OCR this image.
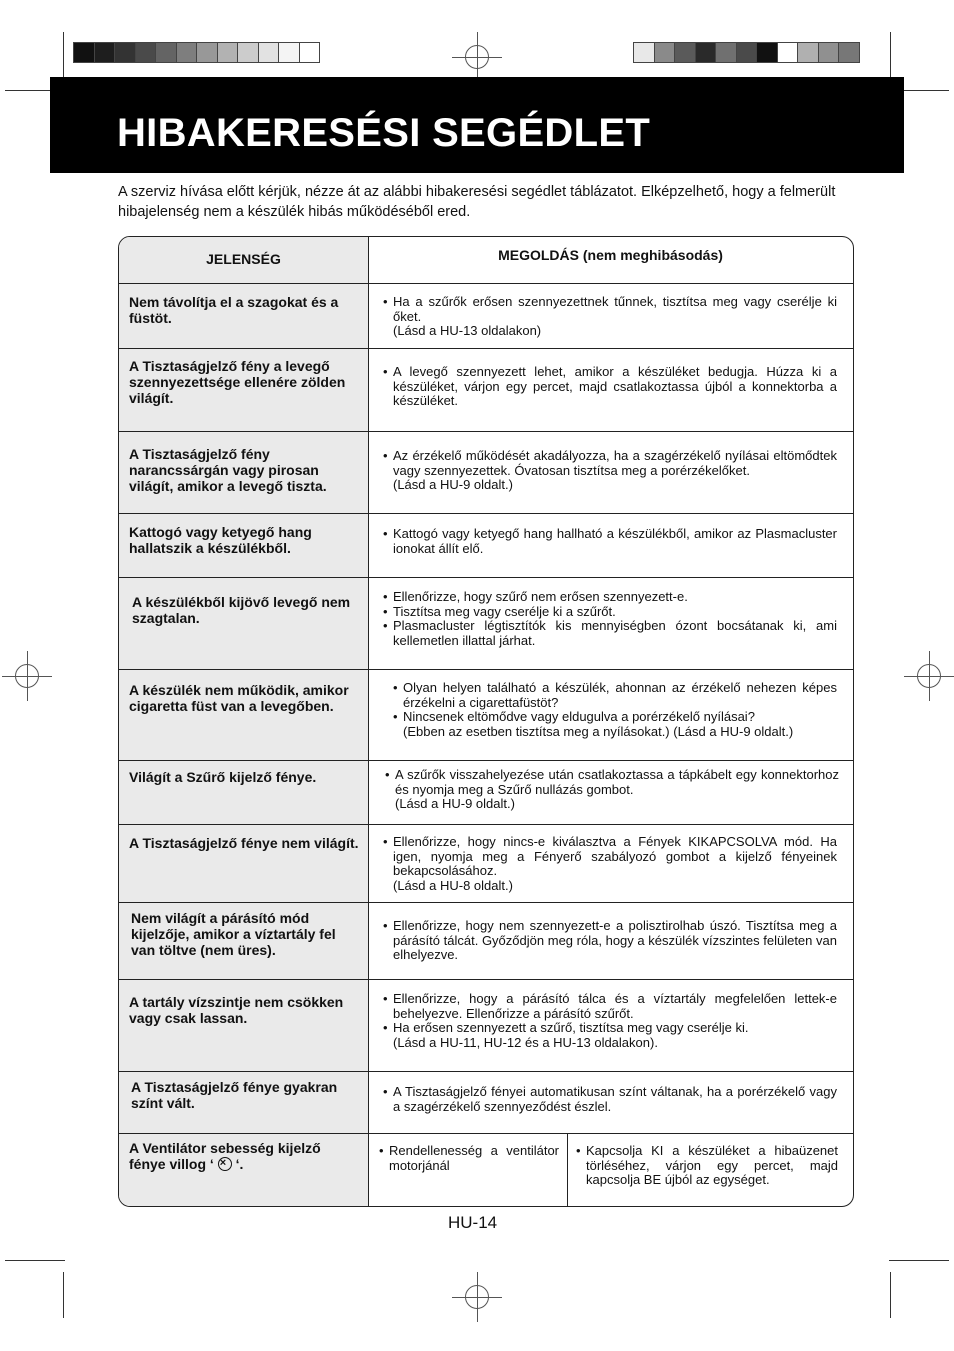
HIBAKERESÉSI SEGÉDLET

A szerviz hívása előtt kérjük, nézze át az alábbi hibakeresési segédlet táblázatot. Elképzelhető, hogy a felmerült hibajelenség nem a készülék hibás működéséből ered.

JELENSÉG	MEGOLDÁS (nem meghibásodás)
Nem távolítja el a szagokat és a füstöt.
• Ha a szűrők erősen szennyezettnek tűnnek, tisztítsa meg vagy cserélje ki őket.
(Lásd a HU-13 oldalakon)
A Tisztaságjelző fény a levegő szennyezettsége ellenére zölden világít.
• A levegő szennyezett lehet, amikor a készüléket bedugja. Húzza ki a készüléket, várjon egy percet, majd csatlakoztassa újból a konnektorba a készüléket.
A Tisztaságjelző fény narancssárgán vagy pirosan világít, amikor a levegő tiszta.
• Az érzékelő működését akadályozza, ha a szagérzékelő nyílásai eltömődtek vagy szennyezettek. Óvatosan tisztítsa meg a porérzékelőket.
(Lásd a HU-9 oldalt.)
Kattogó vagy ketyegő hang hallatszik a készülékből.
• Kattogó vagy ketyegő hang hallható a készülékből, amikor az Plasmacluster ionokat állít elő.
A készülékből kijövő levegő nem szagtalan.
• Ellenőrizze, hogy szűrő nem erősen szennyezett-e.
• Tisztítsa meg vagy cserélje ki a szűrőt.
• Plasmacluster légtisztítók kis mennyiségben ózont bocsátanak ki, ami kellemetlen illattal járhat.
A készülék nem működik, amikor cigaretta füst van a levegőben.
• Olyan helyen található a készülék, ahonnan az érzékelő nehezen képes érzékelni a cigarettafüstöt?
• Nincsenek eltömődve vagy eldugulva a porérzékelő nyílásai?
(Ebben az esetben tisztítsa meg a nyílásokat.) (Lásd a HU-9 oldalt.)
Világít a Szűrő kijelző fénye.	• A szűrők visszahelyezése után csatlakoztassa a tápkábelt egy konnektorhoz és nyomja meg a Szűrő nullázás gombot.
(Lásd a HU-9 oldalt.)
A Tisztaságjelző fénye nem világít.	• Ellenőrizze, hogy nincs-e kiválasztva a Fények KIKAPCSOLVA mód. Ha igen, nyomja meg a Fényerő szabályozó gombot a kijelző fényeinek bekapcsolásához.
(Lásd a HU-8 oldalt.)
Nem világít a párásító mód kijelzője, amikor a víztartály fel van töltve (nem üres).
• Ellenőrizze, hogy nem szennyezett-e a polisztirolhab úszó. Tisztítsa meg a párásító tálcát. Győződjön meg róla, hogy a készülék vízszintes felületen van elhelyezve.
A tartály vízszintje nem csökken vagy csak lassan.
• Ellenőrizze, hogy a párásító tálca és a víztartály megfelelően lettek-e behelyezve. Ellenőrizze a párásító szűrőt.
• Ha erősen szennyezett a szűrő, tisztítsa meg vagy cserélje ki.
(Lásd a HU-11, HU-12 és a HU-13 oldalakon).
A Tisztaságjelző fénye gyakran színt vált.
• A Tisztaságjelző fényei automatikusan színt váltanak, ha a porérzékelő vagy a szagérzékelő szennyeződést észlel.
A Ventilátor sebesség kijelző fénye villog ‘ × ‘.
• Rendellenesség a ventilátor motorjánál
• Kapcsolja KI a készüléket a hibaüzenet törléséhez, várjon egy percet, majd kapcsolja BE újból az egységet.
HU-14
